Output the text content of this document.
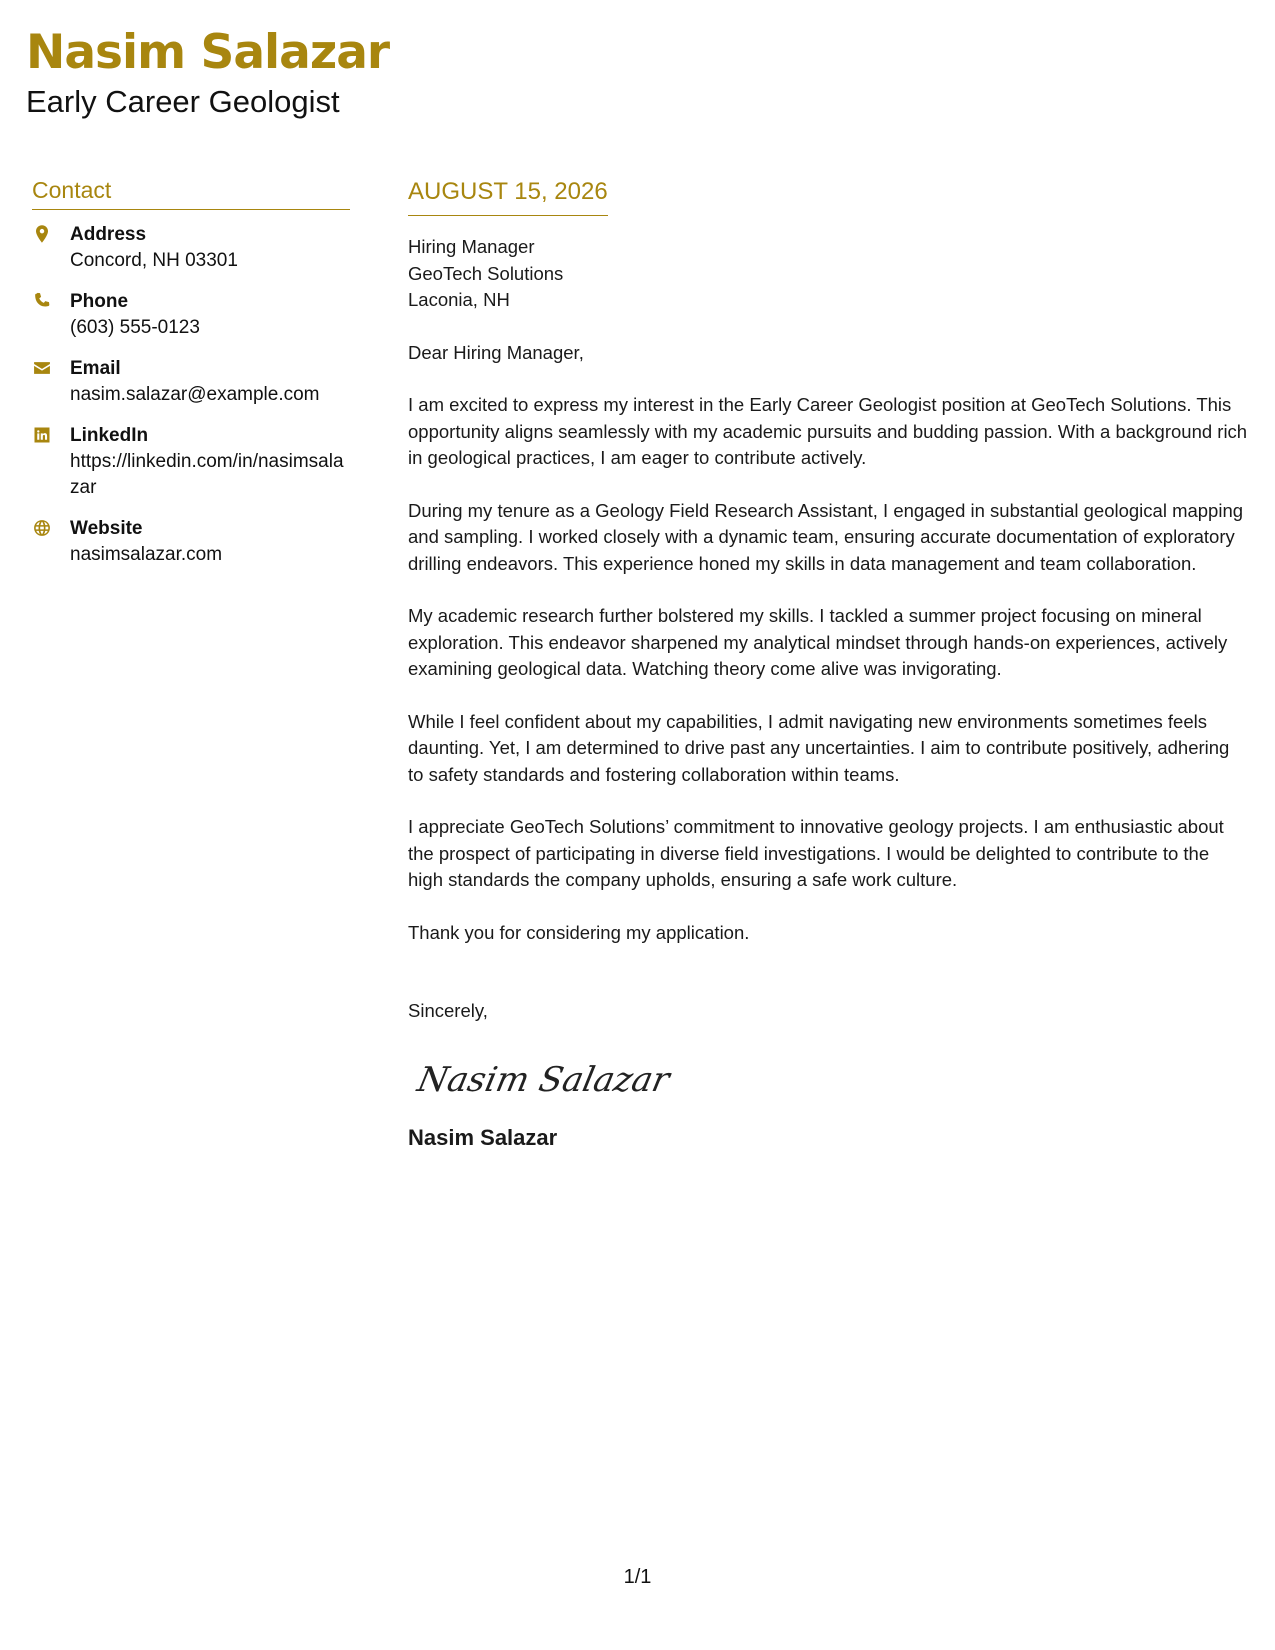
Nasim Salazar
Early Career Geologist
Contact
Address
Concord, NH 03301
Phone
(603) 555-0123
Email
nasim.salazar@example.com
LinkedIn
https://linkedin.com/in/nasimsalazar
Website
nasimsalazar.com
AUGUST 15, 2026
Hiring Manager
GeoTech Solutions
Laconia, NH

Dear Hiring Manager,

I am excited to express my interest in the Early Career Geologist position at GeoTech Solutions. This opportunity aligns seamlessly with my academic pursuits and budding passion. With a background rich in geological practices, I am eager to contribute actively.

During my tenure as a Geology Field Research Assistant, I engaged in substantial geological mapping and sampling. I worked closely with a dynamic team, ensuring accurate documentation of exploratory drilling endeavors. This experience honed my skills in data management and team collaboration.

My academic research further bolstered my skills. I tackled a summer project focusing on mineral exploration. This endeavor sharpened my analytical mindset through hands-on experiences, actively examining geological data. Watching theory come alive was invigorating.

While I feel confident about my capabilities, I admit navigating new environments sometimes feels daunting. Yet, I am determined to drive past any uncertainties. I aim to contribute positively, adhering to safety standards and fostering collaboration within teams.

I appreciate GeoTech Solutions’ commitment to innovative geology projects. I am enthusiastic about the prospect of participating in diverse field investigations. I would be delighted to contribute to the high standards the company upholds, ensuring a safe work culture.

Thank you for considering my application.

Sincerely,
Nasim Salazar
Nasim Salazar
1/1
